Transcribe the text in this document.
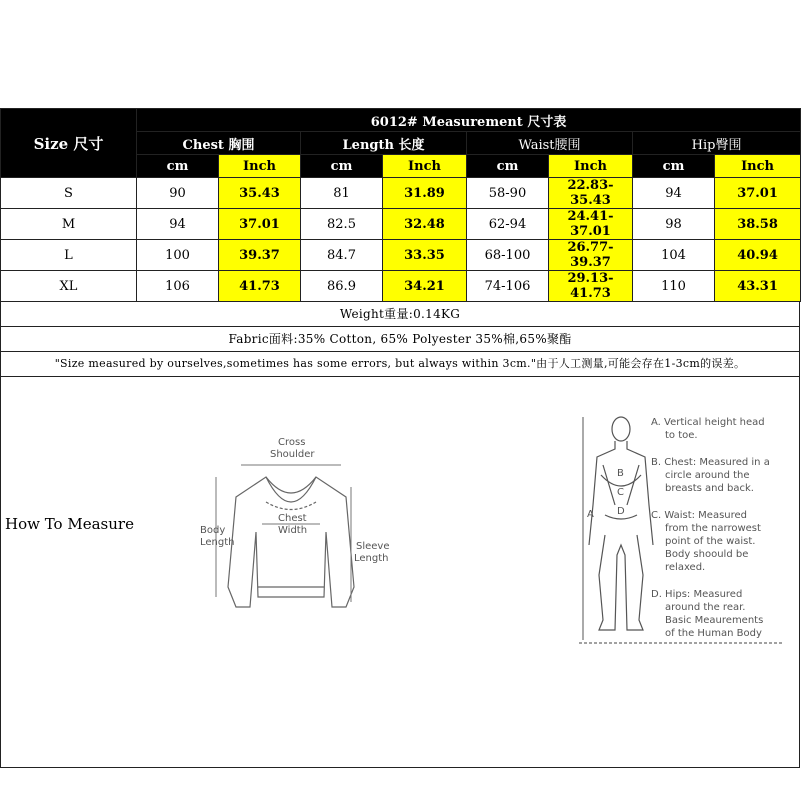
Size 尺寸	6012# Measurement 尺寸表							
	Chest 胸围		Length 长度		Waist腰围		Hip臀围	
	cm	Inch	cm	Inch	cm	Inch	cm	Inch
S	90	35.43	81	31.89	58-90	22.83-35.43	94	37.01
M	94	37.01	82.5	32.48	62-94	24.41-37.01	98	38.58
L	100	39.37	84.7	33.35	68-100	26.77-39.37	104	40.94
XL	106	41.73	86.9	34.21	74-106	29.13-41.73	110	43.31
Weight重量:0.14KG
Fabric面料:35% Cotton, 65% Polyester 35%棉,65%聚酯
"Size measured by ourselves,sometimes has some errors, but always within 3cm."由于人工测量,可能会存在1-3cm的误差。
How To Measure
Cross
Shoulder
Body
Length
Chest
Width
Sleeve
Length
A
B
C
D
A. Vertical height head
to toe.
B. Chest: Measured in a
circle around the
breasts and back.
C. Waist: Measured
from the narrowest
point of the waist.
Body shoould be
relaxed.
D. Hips: Measured
around the rear.
Basic Meaurements
of the Human Body
